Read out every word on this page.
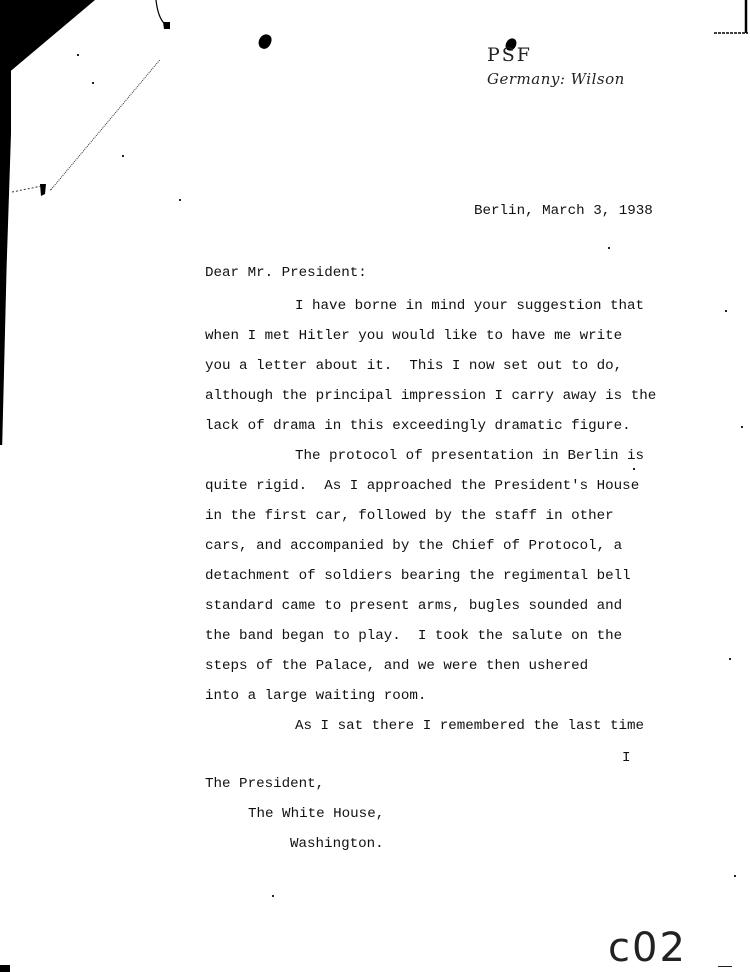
PSF
Germany: Wilson
c02
Berlin, March 3, 1938
Dear Mr. President:
I have borne in mind your suggestion that
when I met Hitler you would like to have me write
you a letter about it.  This I now set out to do,
although the principal impression I carry away is the
lack of drama in this exceedingly dramatic figure.
The protocol of presentation in Berlin is
quite rigid.  As I approached the President's House
in the first car, followed by the staff in other
cars, and accompanied by the Chief of Protocol, a
detachment of soldiers bearing the regimental bell
standard came to present arms, bugles sounded and
the band began to play.  I took the salute on the
steps of the Palace, and we were then ushered
into a large waiting room.
As I sat there I remembered the last time
I
The President,
The White House,
Washington.
